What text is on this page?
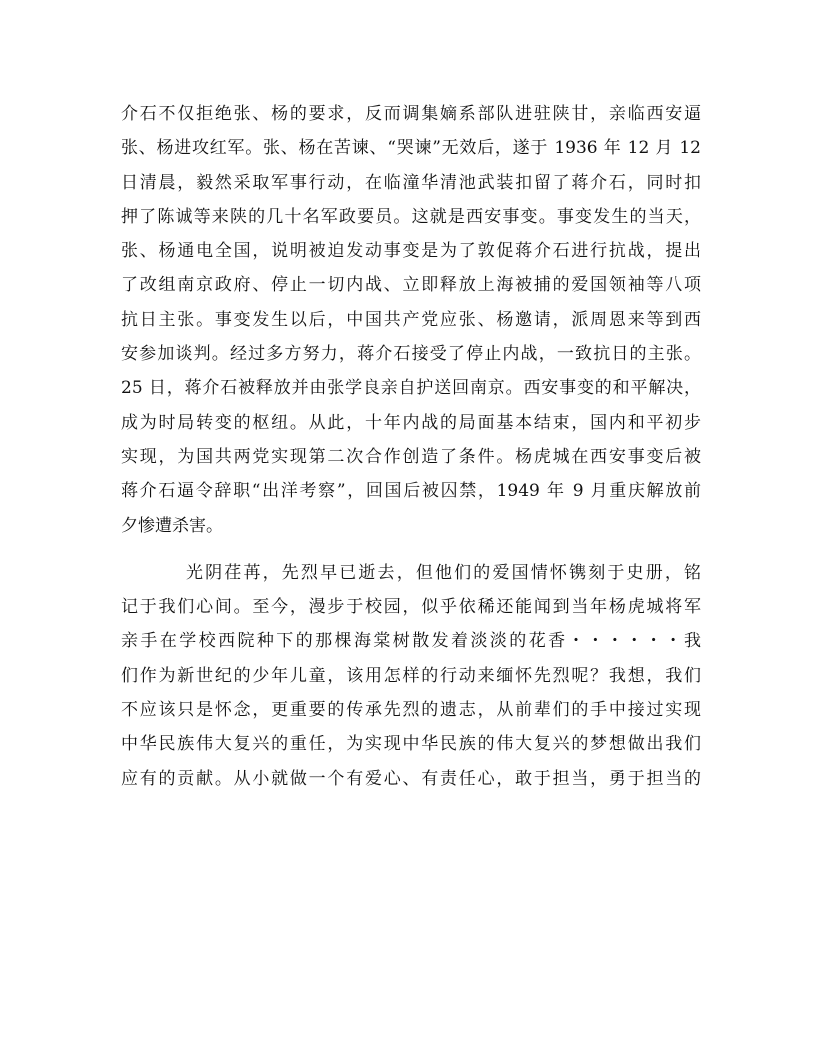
介石不仅拒绝张、杨的要求，反而调集嫡系部队进驻陕甘，亲临西安逼
张、杨进攻红军。张、杨在苦谏、“哭谏”无效后，遂于 1936 年 12 月 12
日清晨，毅然采取军事行动，在临潼华清池武装扣留了蒋介石，同时扣
押了陈诚等来陕的几十名军政要员。这就是西安事变。事变发生的当天，
张、杨通电全国，说明被迫发动事变是为了敦促蒋介石进行抗战，提出
了改组南京政府、停止一切内战、立即释放上海被捕的爱国领袖等八项
抗日主张。事变发生以后，中国共产党应张、杨邀请，派周恩来等到西
安参加谈判。经过多方努力，蒋介石接受了停止内战，一致抗日的主张。
25 日，蒋介石被释放并由张学良亲自护送回南京。西安事变的和平解决，
成为时局转变的枢纽。从此，十年内战的局面基本结束，国内和平初步
实现，为国共两党实现第二次合作创造了条件。杨虎城在西安事变后被
蒋介石逼令辞职“出洋考察”，回国后被囚禁，1949 年 9 月重庆解放前
夕惨遭杀害。
光阴荏苒，先烈早已逝去，但他们的爱国情怀镌刻于史册，铭
记于我们心间。至今，漫步于校园，似乎依稀还能闻到当年杨虎城将军
亲手在学校西院种下的那棵海棠树散发着淡淡的花香・・・・・・我
们作为新世纪的少年儿童，该用怎样的行动来缅怀先烈呢？我想，我们
不应该只是怀念，更重要的传承先烈的遗志，从前辈们的手中接过实现
中华民族伟大复兴的重任，为实现中华民族的伟大复兴的梦想做出我们
应有的贡献。从小就做一个有爱心、有责任心，敢于担当，勇于担当的
